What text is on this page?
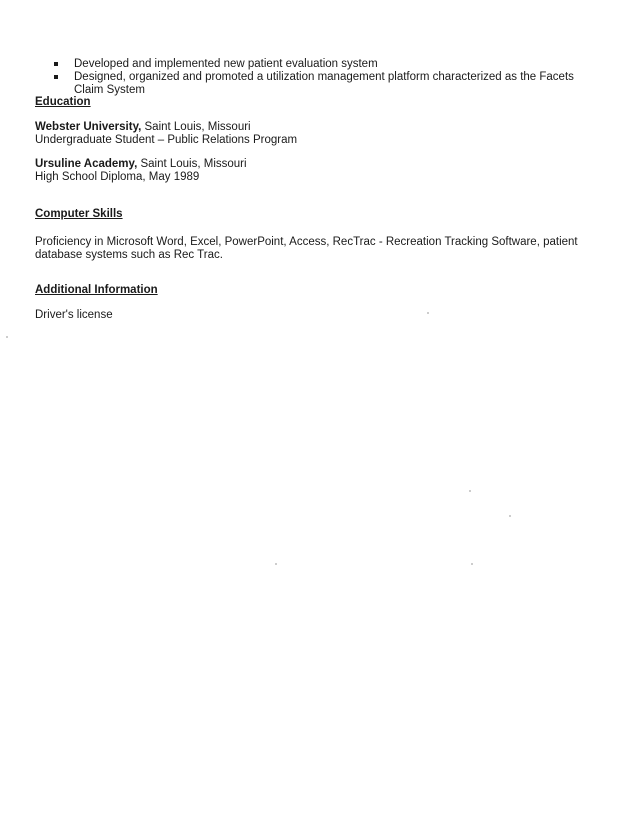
Developed and implemented new patient evaluation system
Designed, organized and promoted a utilization management platform characterized as the Facets Claim System
Education
Webster University, Saint Louis, Missouri
Undergraduate Student – Public Relations Program
Ursuline Academy, Saint Louis, Missouri
High School Diploma, May 1989
Computer Skills
Proficiency in Microsoft Word, Excel, PowerPoint, Access, RecTrac - Recreation Tracking Software, patient database systems such as Rec Trac.
Additional Information
Driver's license
